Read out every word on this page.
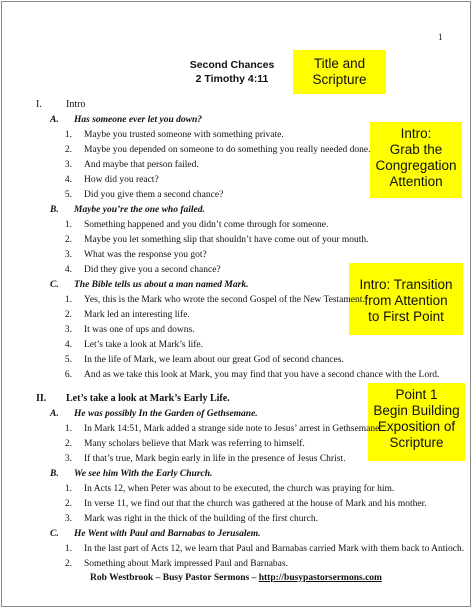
1
Second Chances
2 Timothy 4:11
Title and
Scripture
Intro:
Grab the
Congregation
Attention
Intro: Transition
from Attention
to First Point
Point 1
Begin Building
Exposition of
Scripture
I. Intro
A. Has someone ever let you down?
1. Maybe you trusted someone with something private.
2. Maybe you depended on someone to do something you really needed done.
3. And maybe that person failed.
4. How did you react?
5. Did you give them a second chance?
B. Maybe you’re the one who failed.
1. Something happened and you didn’t come through for someone.
2. Maybe you let something slip that shouldn’t have come out of your mouth.
3. What was the response you got?
4. Did they give you a second chance?
C. The Bible tells us about a man named Mark.
1. Yes, this is the Mark who wrote the second Gospel of the New Testament.
2. Mark led an interesting life.
3. It was one of ups and downs.
4. Let’s take a look at Mark’s life.
5. In the life of Mark, we learn about our great God of second chances.
6. And as we take this look at Mark, you may find that you have a second chance with the Lord.
II. Let’s take a look at Mark’s Early Life.
A. He was possibly In the Garden of Gethsemane.
1. In Mark 14:51, Mark added a strange side note to Jesus’ arrest in Gethsemane.
2. Many scholars believe that Mark was referring to himself.
3. If that’s true, Mark begin early in life in the presence of Jesus Christ.
B. We see him With the Early Church.
1. In Acts 12, when Peter was about to be executed, the church was praying for him.
2. In verse 11, we find out that the church was gathered at the house of Mark and his mother.
3. Mark was right in the thick of the building of the first church.
C. He Went with Paul and Barnabas to Jerusalem.
1. In the last part of Acts 12, we learn that Paul and Barnabas carried Mark with them back to Antioch.
2. Something about Mark impressed Paul and Barnabas.
Rob Westbrook – Busy Pastor Sermons – http://busypastorsermons.com
